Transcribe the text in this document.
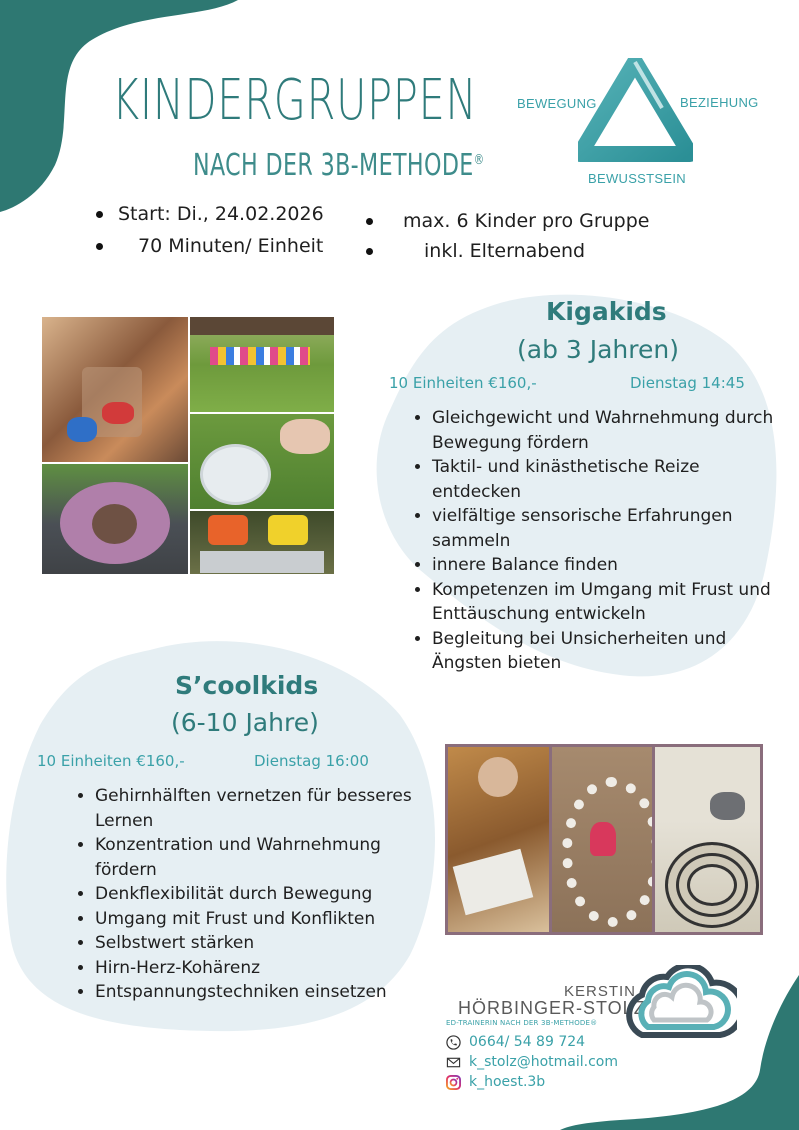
KINDERGRUPPEN
NACH DER 3B-METHODE®
BEWEGUNG	BEZIEHUNG
BEWUSSTSEIN
Start: Di., 24.02.2026
70 Minuten/ Einheit
max. 6 Kinder pro Gruppe
inkl. Elternabend
Kigakids
(ab 3 Jahren)
10 Einheiten €160,-	Dienstag 14:45
• Gleichgewicht und Wahrnehmung durch Bewegung fördern
• Taktil- und kinästhetische Reize entdecken
• vielfältige sensorische Erfahrungen sammeln
• innere Balance finden
• Kompetenzen im Umgang mit Frust und Enttäuschung entwickeln
• Begleitung bei Unsicherheiten und Ängsten bieten
S’coolkids
(6-10 Jahre)
10 Einheiten €160,-	Dienstag 16:00
• Gehirnhälften vernetzen für besseres Lernen
• Konzentration und Wahrnehmung fördern
• Denkflexibilität durch Bewegung
• Umgang mit Frust und Konflikten
• Selbstwert stärken
• Hirn-Herz-Kohärenz
• Entspannungstechniken einsetzen	KERSTIN
HÖRBINGER-STOLZ
ED-TRAINERIN NACH DER 3B-METHODE®
0664/ 54 89 724
k_stolz@hotmail.com
k_hoest.3b
